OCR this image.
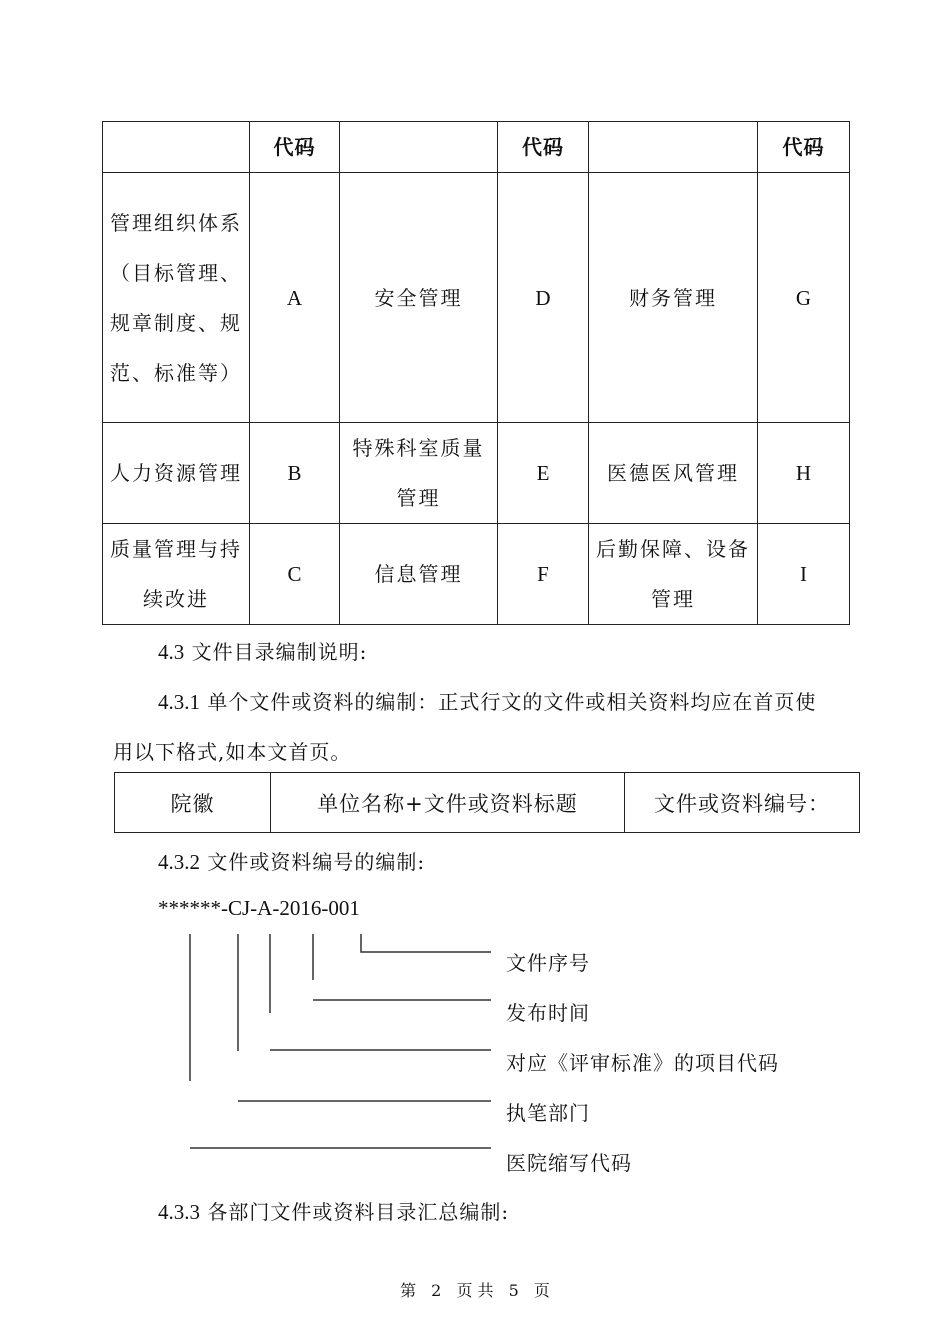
	代码		代码		代码
管理组织体系（目标管理、规章制度、规范、标准等）	A	安全管理	D	财务管理	G
人力资源管理	B	特殊科室质量管理	E	医德医风管理	H
质量管理与持续改进	C	信息管理	F	后勤保障、设备管理	I
4.3 文件目录编制说明:
4.3.1 单个文件或资料的编制：正式行文的文件或相关资料均应在首页使
用以下格式,如本文首页。
院徽	单位名称+文件或资料标题	文件或资料编号：
4.3.2 文件或资料编号的编制:
******-CJ-A-2016-001
文件序号
发布时间
对应《评审标准》的项目代码
执笔部门
医院缩写代码
4.3.3 各部门文件或资料目录汇总编制:
第 2 页 共 5 页
